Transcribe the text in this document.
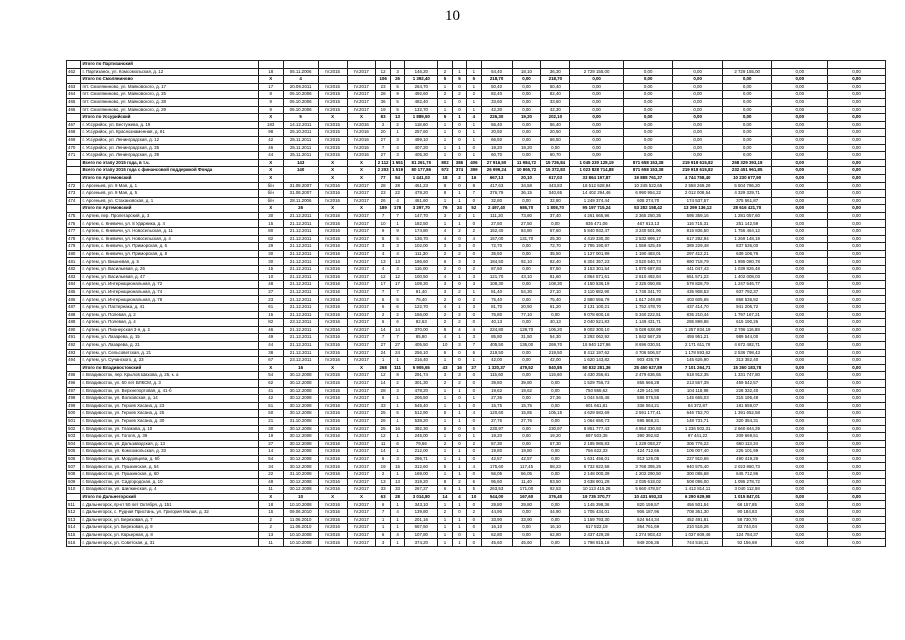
10
	Итого по Партизанский																			
462	г. Партизанск, ул. Комсомольская, д. 12	18	06.11.2006	IV.2015	IV.2017	12	3	146,20	2	1	1	54,40	18,10	36,30	2 729 155,00	0,00	0,00	2 729 155,00	0,00	0,00
	Итого по Смоляниново	X	4			106	26	1 392,40	5	5	5	218,70	0,00	218,70	0,00	0,00	0,00	0,00	0,00	0,00
463	пгт. Смоляниново, ул. Маяковского, д. 17	17	20.09.2011	IV.2015	IV.2017	23	5	264,70	1	0	1	50,40	0,00	50,40	0,00	0,00	0,00	0,00	0,00	0,00
464	пгт. Смоляниново, ул. Маяковского, д. 25	8	06.10.2006	IV.2015	IV.2017	28	9	492,60	2	2	2	82,40	0,00	82,40	0,00	0,00	0,00	0,00	0,00	0,00
465	пгт. Смоляниново, ул. Маяковского, д. 28	9	06.10.2006	IV.2015	IV.2017	36	5	482,40	1	0	1	33,60	0,00	33,60	0,00	0,00	0,00	0,00	0,00	0,00
466	пгт. Смоляниново, ул. Маяковского, д. 29	9	06.10.2006	IV.2015	IV.2017	19	5	132,70	1	0	1	42,30	0,00	42,30	0,00	0,00	0,00	0,00	0,00	0,00
	Итого по Уссурийский	X	5	X	X	83	13	1 889,50	5	1	4	226,30	19,20	202,10	0,00	0,00	0,00	0,00	0,00	0,00
467	г. Уссурийск, ул. Бестужева, д. 19	183	14.12.2011	IV.2015	IV.2016	2	2	118,60	1	0	1	56,40	0,00	56,40	0,00	0,00	0,00	0,00	0,00	0,00
468	г. Уссурийск, ул. Краснознаменная, д. 81	98	25.10.2011	IV.2015	IV.2016	20	1	257,60	1	0	1	20,50	0,00	20,50	0,00	0,00	0,00	0,00	0,00	0,00
469	г. Уссурийск, ул. Ленинградская, д. 12	42	25.11.2011	IV.2015	IV.2016	27	3	499,10	1	0	1	66,50	0,00	66,50	0,00	0,00	0,00	0,00	0,00	0,00
470	г. Уссурийск, ул. Ленинградская, д. 35	46	25.11.2011	IV.2015	IV.2016	7	4	407,20	1	1	0	19,20	19,20	0,00	0,00	0,00	0,00	0,00	0,00	0,00
471	г. Уссурийск, ул. Ленинградская, д. 39	44	25.11.2011	IV.2015	IV.2016	27	3	405,30	1	0	1	60,70	0,00	60,70	0,00	0,00	0,00	0,00	0,00	0,00
	Всего по этапу 2015 года, в т.ч.	X	143	X	X	2 112	1 551	81 261,75	802	386	406	27 916,50	11 984,72	15 726,84	1 045 230 128,19	871 658 153,38	219 918 615,82	258 329 393,18	0,00	0,00
	Всего по этапу 2015 года с финансовой поддержкой Фонда	X	140	X	X	2 203	1 519	80 177,86	572	374	399	26 999,24	10 865,72	15 372,83	1 023 828 714,88	871 658 153,38	219 918 615,82	232 451 961,85	0,00	0,00
	Итого по Артемовский	X		X	X	77	54	1 441,03	18	2	16	667,13	20,10	617,03	33 864 197,87	19 888 761,37	4 744 758,40	10 230 677,90	0,00	0,00
472	г. Арсеньев, ул. 9 Мая, д. 1	б/н	31.08.2007	IV.2016	IV.2017	28	28	461,23	8	0	8	417,63	34,58	443,83	18 512 628,94	10 245 522,65	2 558 269,29	5 504 786,20	0,00	0,00
473	г. Арсеньев, ул. 9 Мая, д. 5	б/н	31.08.2007	IV.2016	IV.2017	23	22	478,20	8	1	7	376,79	36,15	340,65	14 402 294,46	6 990 954,22	2 012 008,54	4 329 329,71	0,00	0,00
474	г. Арсеньев, ул. Стахановская, д. 1	б/н	28.11.2006	IV.2016	IV.2017	26	4	461,60	1	1	0	32,80	0,00	32,80	1 249 374,44	608 274,70	174 537,57	375 561,87	0,00	0,00
	Итого по Артемовский	X	26	X	X	189	178	3 297,70	76	24	52	2 497,40	686,70	1 808,70	95 197 715,24	53 282 158,42	13 299 136,12	28 616 421,70	0,00	0,00
475	г. Артем, пер. Пролетарский, д. 3	30	21.12.2011	IV.2016	IV.2017	7	7	147,70	3	2	1	111,20	73,80	37,40	4 261 665,96	2 365 250,35	595 359,16	1 281 057,60	0,00	0,00
476	г. Артем, с. Кневичи, ул. 8 Ударника, д. 4	15	21.12.2011	IV.2016	IV.2017	10	1	182,50	1	1	0	27,50	27,50	0,00	835 471,06	467 613,13	116 715,31	251 142,59	0,00	0,00
477	г. Артем, с. Кневичи, ул. Новосельская, д. 11	80	21.12.2011	IV.2016	IV.2017	9	9	174,80	4	2	2	152,40	84,80	67,60	5 840 932,47	3 240 501,96	815 836,50	1 755 464,12	0,00	0,00
478	г. Артем, с. Кневичи, ул. Новосельская, д. 4	82	21.12.2011	IV.2016	IV.2017	5	5	136,70	4	0	4	157,00	131,70	25,30	4 419 330,30	2 532 899,17	617 282,94	1 269 148,19	0,00	0,00
479	г. Артем, с. Кневичи, ул. Приморская, д. 6	29	21.12.2011	IV.2016	IV.2017	3	3	102,00	3	3	0	72,70	0,00	72,70	2 795 190,97	1 559 425,49	389 229,48	837 536,00	0,00	0,00
480	г. Артем, с. Кневичи, ул. Приморская, д. 8	30	21.12.2011	IV.2016	IV.2017	4	4	111,30	2	2	0	35,50	0,00	35,50	1 127 001,99	1 190 483,01	297 412,21	639 106,76	0,00	0,00
481	г. Артем, ул. Вишневая, д. 5	30	21.12.2011	IV.2016	IV.2017	13	13	186,60	6	3	3	184,50	92,10	92,40	6 304 357,23	3 520 540,74	880 718,79	1 895 080,78	0,00	0,00
482	г. Артем, ул. Васильевая, д. 26	15	21.12.2011	IV.2016	IV.2017	4	4	116,00	2	0	2	87,50	0,00	87,50	3 153 301,54	1 870 687,83	441 047,43	1 039 826,48	0,00	0,00
483	г. Артем, ул. Васильевая, д. 47	10	21.12.2011	IV.2016	IV.2017	12	12	100,50	4	1	3	121,70	43,10	81,60	4 864 571,61	2 610 492,94	651 571,22	1 402 008,03	0,00	0,00
484	г. Артем, ул. Интернациональная, д. 72	48	21.12.2011	IV.2016	IV.2017	17	17	108,30	3	0	3	108,30	0,00	108,30	4 150 536,19	2 325 050,85	579 828,79	1 247 646,77	0,00	0,00
485	г. Артем, ул. Интернациональная, д. 74	27	21.12.2011	IV.2016	IV.2017	7	7	81,40	3	2	1	81,40	54,30	27,10	3 110 682,90	1 745 341,70	435 908,53	937 792,37	0,00	0,00
486	г. Артем, ул. Интернациональная, д. 78	23	21.12.2011	IV.2016	IV.2017	5	5	75,40	2	0	2	75,40	0,00	75,40	2 880 556,79	1 617 249,89	403 605,65	868 536,82	0,00	0,00
487	г. Артем, ул. Пастернака, д. 41	61	21.12.2011	IV.2016	IV.2017	6	6	122,70	4	1	3	81,70	20,50	61,20	3 131 100,21	1 752 478,70	437 414,70	941 206,72	0,00	0,00
488	г. Артем, ул. Полевая, д. 2	15	21.12.2011	IV.2016	IV.2017	2	2	156,00	2	2	0	76,80	77,10	0,00	9 078 600,16	5 340 222,51	835 210,44	1 797 167,21	0,00	0,00
489	г. Артем, ул. Полевая, д. 4	82	23.12.2011	IV.2016	IV.2017	6	6	82,63	2	2	0	40,13	0,00	40,13	2 040 521,83	1 149 431,71	285 899,86	615 190,26	0,00	0,00
490	г. Артем, ул. Пионерская 3-я, д. 2	46	21.12.2011	IV.2016	IV.2017	14	14	370,00	8	4	4	234,80	128,70	106,20	9 002 300,10	5 028 628,99	1 257 834,19	2 706 116,88	0,00	0,00
491	г. Артем, ул. Лазарева, д. 15	49	21.12.2011	IV.2016	IV.2017	7	7	85,80	4	1	3	85,80	31,50	54,30	3 292 062,92	1 842 567,29	459 951,21	989 544,00	0,00	0,00
492	г. Артем, ул. Лазарева, д. 21	44	21.12.2011	IV.2016	IV.2017	27	27	405,50	10	3	7	405,50	136,00	269,70	15 940 127,96	8 696 030,51	2 171 611,78	4 672 482,71	0,00	0,00
493	г. Артем, ул. Сельсоветская, д. 21	38	21.12.2011	IV.2016	IV.2017	24	24	256,10	6	0	6	219,50	0,00	219,50	8 412 197,62	4 706 506,57	1 178 593,62	2 536 798,43	0,00	0,00
494	г. Артем, ул. Сучанского, д. 23	67	23.12.2011	IV.2016	IV.2017	1	1	216,40	1	0	1	42,00	0,00	42,00	1 620 143,82	903 435,79	145 626,90	313 352,40	0,00	0,00
	Итого по Владивостокский	X	16	X	X	268	111	5 905,65	43	16	27	1 320,37	479,52	840,85	50 832 281,36	25 450 627,89	7 101 264,71	15 260 183,78	0,00	0,00
495	г. Владивосток, пер. Крылов Шахова, д. 25, к. а	54	30.12.2008	IV.2016	IV.2017	12	8	291,74	3	3	0	115,60	0,00	115,60	4 430 256,81	2 479 636,65	618 912,35	1 331 747,80	0,00	0,00
496	г. Владивосток, ул. 50 лет ВЛКСМ, д. 3	62	30.12.2008	IV.2016	IV.2017	14	2	301,30	2	2	0	39,80	39,80	0,00	1 529 756,73	855 666,28	213 567,39	459 542,57	0,00	0,00
497	г. Владивосток, ул. Верхнепортовая, д. 41-б	41	30.12.2008	IV.2016	IV.2017	28	3	478,20	1	1	0	19,62	19,62	0,00	750 865,62	429 141,90	104 118,98	228 332,40	0,00	0,00
498	г. Владивосток, ул. Волховская, д. 14	42	30.12.2008	IV.2016	IV.2017	6	1	206,50	1	0	1	27,36	0,00	27,36	1 044 545,46	586 075,55	145 665,03	315 195,48	0,00	0,00
499	г. Владивосток, ул. Героев Хасана, д. 23	51	30.12.2008	IV.2016	IV.2017	33	1	545,40	1	1	0	15,75	15,75	0,00	601 661,81	336 064,21	84 372,87	181 559,07	0,00	0,00
500	г. Владивосток, ул. Героев Хасана, д. 25	50	30.12.2008	IV.2016	IV.2017	25	5	512,90	5	1	4	120,60	15,85	105,15	4 629 582,69	2 591 177,41	646 752,70	1 391 652,58	0,00	0,00
501	г. Владивосток, ул. Героев Хасана, д. 30	21	31.10.2008	IV.2016	IV.2017	26	1	538,20	1	1	0	27,76	27,76	0,00	1 064 650,73	595 668,21	148 731,71	320 354,31	0,00	0,00
502	г. Владивосток, ул. Глазкова, д. 10	30	30.12.2008	IV.2016	IV.2017	25	16	392,30	5	0	5	230,97	0,00	230,97	8 851 777,43	4 954 330,93	1 236 502,31	2 660 844,29	0,00	0,00
503	г. Владивосток, ул. Гоголя, д. 39	19	30.12.2008	IV.2016	IV.2017	12	1	245,00	1	0	1	19,20	0,00	19,20	697 503,35	390 392,82	97 441,22	209 669,51	0,00	0,00
504	г. Владивосток, ул. Дальзаводская, д. 13	27	30.12.2008	IV.2016	IV.2017	11	6	79,66	2	0	2	57,30	0,00	57,30	2 195 985,83	1 229 093,27	306 776,22	660 113,34	0,00	0,00
505	г. Владивосток, ул. Комсомольская, д. 33	14	30.12.2008	IV.2016	IV.2017	14	1	212,00	1	1	0	19,80	19,80	0,00	756 622,33	424 712,66	106 007,40	225 101,99	0,00	0,00
506	г. Владивосток, ул. Мордовцева, д. 6б	54	30.12.2008	IV.2016	IV.2017	6	3	296,71	1	1	0	42,57	42,57	0,00	1 631 456,01	913 125,05	227 910,66	490 419,29	0,00	0,00
507	г. Владивосток, ул. Пушкинская, д. 54	34	30.12.2008	IV.2016	IV.2017	19	15	312,60	5	1	4	175,60	117,45	58,23	6 732 822,58	3 768 395,25	940 575,40	2 023 860,73	0,00	0,00
508	г. Владивосток, ул. Пушкинская, д. 60	22	31.10.2008	IV.2016	IV.2017	2	1	169,00	1	1	0	56,05	56,05	0,00	2 148 000,39	1 202 290,50	300 086,68	645 712,96	0,00	0,00
509	г. Владивосток, ул. Садгородская, д. 10	48	30.12.2008	IV.2016	IV.2017	13	13	319,20	8	2	6	95,60	11,40	83,50	3 638 901,29	2 035 618,02	508 095,00	1 095 278,72	0,00	0,00
510	г. Владивосток, ул. Шилкинская, д. 4	11	30.12.2008	IV.2016	IV.2017	33	33	267,27	6	1	5	263,53	171,00	92,53	10 113 415,26	5 660 478,57	1 412 814,11	3 040 112,58	0,00	0,00
	Итого по Дальнегорский	X	10	X	X	63	28	3 014,80	14	4	10	544,00	167,60	376,40	19 735 370,77	10 431 693,33	6 290 629,98	1 015 847,01	0,00	0,00
511	г. Дальнегорск, пр-кт 50 лет Октября, д. 151	18	10.10.2008	IV.2016	IV.2017	6	1	343,10	1	1	0	29,80	29,80	0,00	1 145 398,36	820 159,57	456 501,54	68 157,85	0,00	0,00
512	г. Дальнегорск, с. Рудная Пристань, ул. Григория Малая, д. 32	15	09.06.2010	IV.2016	IV.2017	7	4	139,80	2	0	2	44,90	0,00	44,90	1 705 434,01	906 187,96	708 361,30	90 184,83	0,00	0,00
513	г. Дальнегорск, ул. Березовая, д. 7	2	11.06.2010	IV.2016	IV.2017	1	1	201,16	1	1	0	33,90	33,90	0,00	1 159 793,30	624 644,34	452 491,81	58 730,70	0,00	0,00
514	г. Дальнегорск, ул. Березовая, д. 9	2	11.06.2010	IV.2016	IV.2017	1	1	667,50	1	1	0	16,10	0,00	16,10	617 822,19	364 761,69	210 516,26	33 744,04	0,00	0,00
515	г. Дальнегорск, ул. Карьерная, д. 8	13	10.10.2008	IV.2016	IV.2017	6	4	107,80	1	0	1	62,80	0,00	62,80	2 437 429,28	1 274 903,43	1 037 609,46	124 784,37	0,00	0,00
516	г. Дальнегорск, ул. Советская, д. 31	11	10.10.2008	IV.2016	IV.2017	3	1	374,20	1	1	0	45,60	45,60	0,00	1 798 815,18	949 206,36	744 518,11	92 156,69	0,00	0,00
